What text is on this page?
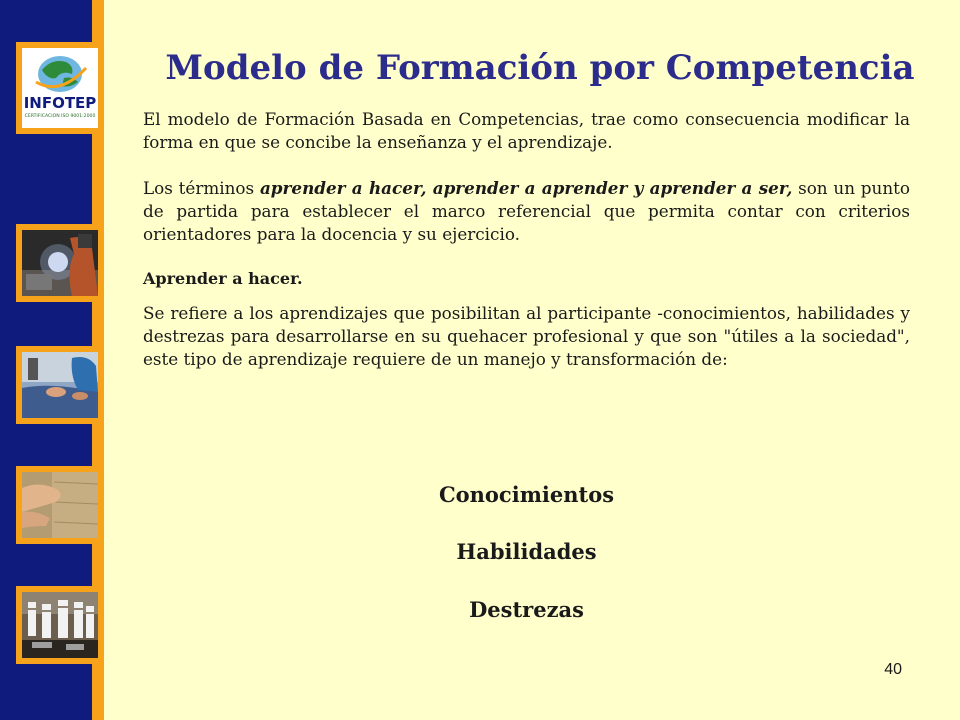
INFOTEP
CERTIFICACION ISO 9001:2000
Modelo de Formación por Competencia

El modelo de Formación Basada en Competencias, trae como consecuencia modificar la forma en que se concibe la enseñanza y el aprendizaje.

Los términos aprender a hacer, aprender a aprender y aprender a ser, son un punto de partida para establecer el marco referencial que permita contar con criterios orientadores para la docencia y su ejercicio.

Aprender a hacer.

Se refiere a los aprendizajes que posibilitan al participante -conocimientos, habilidades y destrezas para desarrollarse en su quehacer profesional y que son "útiles a la sociedad", este tipo de aprendizaje requiere de un manejo y transformación de:

Conocimientos
Habilidades
Destrezas
40
